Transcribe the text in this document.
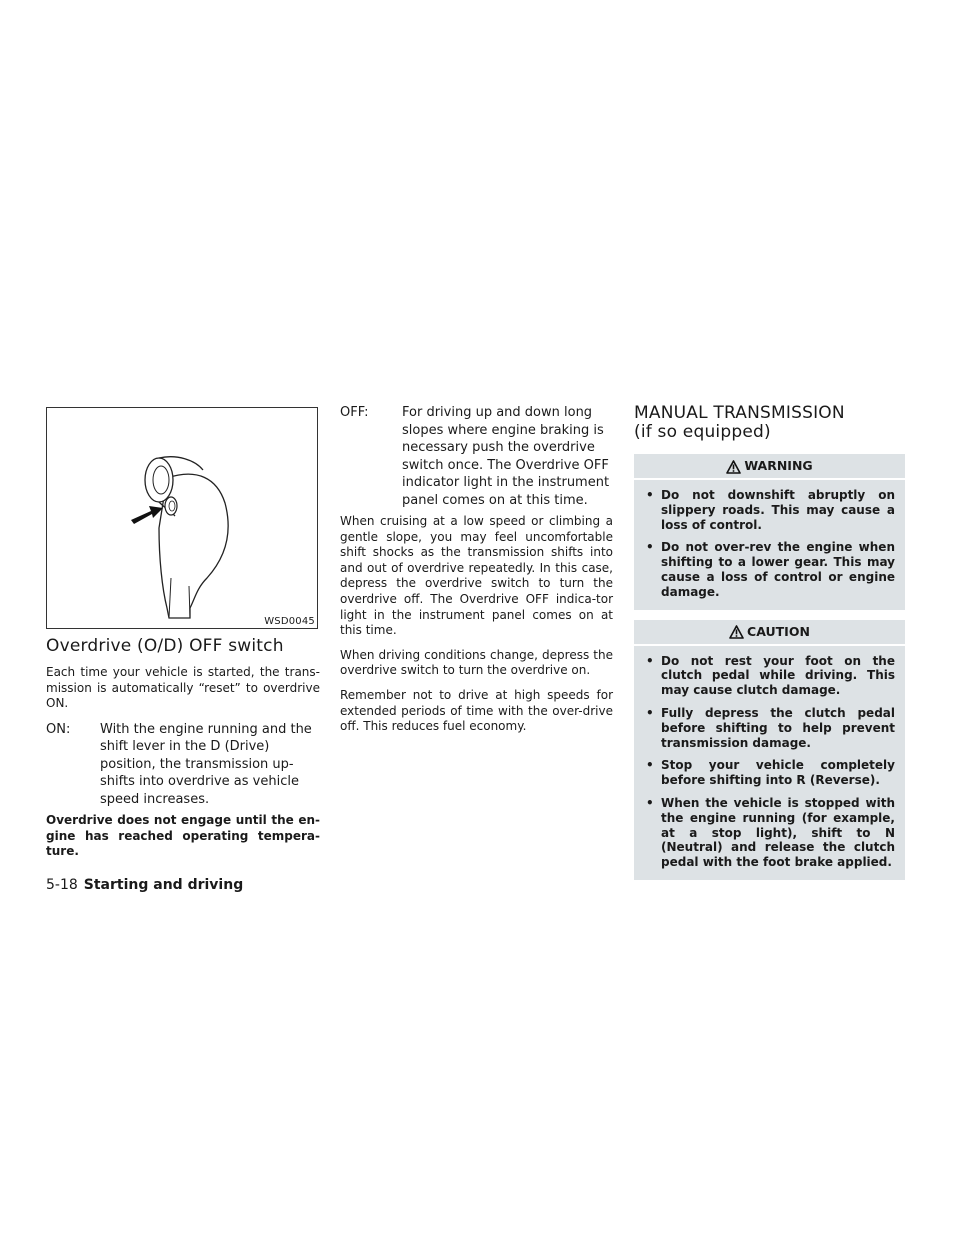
WSD0045
Overdrive (O/D) OFF switch

Each time your vehicle is started, the trans-mission is automatically “reset” to overdrive ON.

ON:	With the engine running and the shift lever in the D (Drive) position, the transmission up-shifts into overdrive as vehicle speed increases.

Overdrive does not engage until the en-gine has reached operating tempera-ture.

OFF:	For driving up and down long slopes where engine braking is necessary push the overdrive switch once. The Overdrive OFF indicator light in the instrument panel comes on at this time.

When cruising at a low speed or climbing a gentle slope, you may feel uncomfortable shift shocks as the transmission shifts into and out of overdrive repeatedly. In this case, depress the overdrive switch to turn the overdrive off. The Overdrive OFF indica-tor light in the instrument panel comes on at this time.

When driving conditions change, depress the overdrive switch to turn the overdrive on.

Remember not to drive at high speeds for extended periods of time with the over-drive off. This reduces fuel economy.

MANUAL TRANSMISSION
(if so equipped)
WARNING
• Do not downshift abruptly on slippery roads. This may cause a loss of control.
• Do not over-rev the engine when shifting to a lower gear. This may cause a loss of control or engine damage.
CAUTION
• Do not rest your foot on the clutch pedal while driving. This may cause clutch damage.
• Fully depress the clutch pedal before shifting to help prevent transmission damage.
• Stop your vehicle completely before shifting into R (Reverse).
• When the vehicle is stopped with the engine running (for example, at a stop light), shift to N (Neutral) and release the clutch pedal with the foot brake applied.
5-18 Starting and driving
